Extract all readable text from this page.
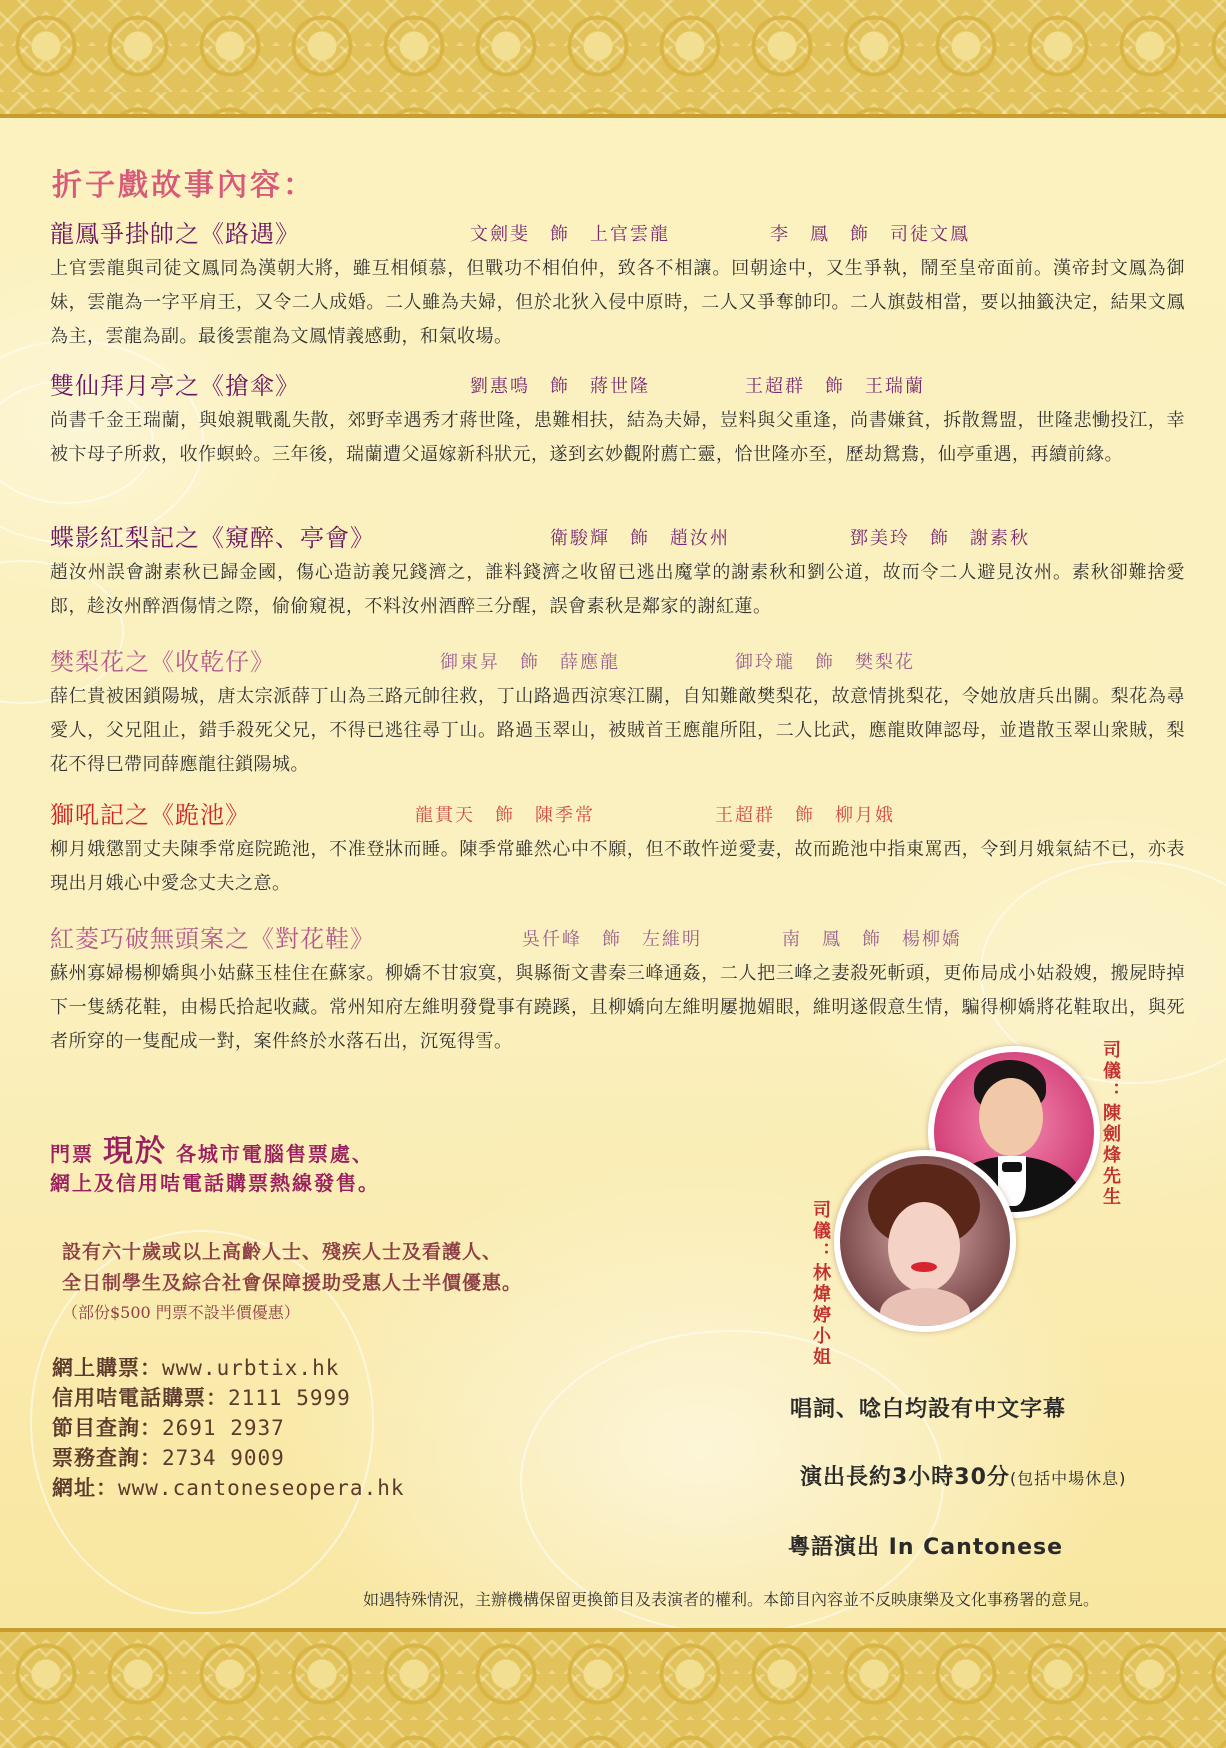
折子戲故事內容：
龍鳳爭掛帥之《路遇》	文劍斐　飾　上官雲龍	李　鳳　飾　司徒文鳳

上官雲龍與司徒文鳳同為漢朝大將，雖互相傾慕，但戰功不相伯仲，致各不相讓。回朝途中，又生爭執，鬧至皇帝面前。漢帝封文鳳為御妹，雲龍為一字平肩王，又令二人成婚。二人雖為夫婦，但於北狄入侵中原時，二人又爭奪帥印。二人旗鼓相當，要以抽籤決定，結果文鳳為主，雲龍為副。最後雲龍為文鳳情義感動，和氣收場。

雙仙拜月亭之《搶傘》	劉惠鳴　飾　蔣世隆	王超群　飾　王瑞蘭

尚書千金王瑞蘭，與娘親戰亂失散，郊野幸遇秀才蔣世隆，患難相扶，結為夫婦，豈料與父重逢，尚書嫌貧，拆散鴛盟，世隆悲慟投江，幸被卞母子所救，收作螟蛉。三年後，瑞蘭遭父逼嫁新科狀元，遂到玄妙觀附薦亡靈，恰世隆亦至，歷劫鴛鴦，仙亭重遇，再續前緣。

蝶影紅梨記之《窺醉、亭會》	衛駿輝　飾　趙汝州	鄧美玲　飾　謝素秋

趙汝州誤會謝素秋已歸金國，傷心造訪義兄錢濟之，誰料錢濟之收留已逃出魔掌的謝素秋和劉公道，故而令二人避見汝州。素秋卻難捨愛郎，趁汝州醉酒傷情之際，偷偷窺視，不料汝州酒醉三分醒，誤會素秋是鄰家的謝紅蓮。

樊梨花之《收乾仔》	御東昇　飾　薛應龍	御玲瓏　飾　樊梨花

薛仁貴被困鎖陽城，唐太宗派薛丁山為三路元帥往救，丁山路過西涼寒江關，自知難敵樊梨花，故意情挑梨花，令她放唐兵出關。梨花為尋愛人，父兄阻止，錯手殺死父兄，不得已逃往尋丁山。路過玉翠山，被賊首王應龍所阻，二人比武，應龍敗陣認母，並遣散玉翠山衆賊，梨花不得巳帶同薛應龍往鎖陽城。

獅吼記之《跪池》	龍貫天　飾　陳季常	王超群　飾　柳月娥

柳月娥懲罰丈夫陳季常庭院跪池，不准登牀而睡。陳季常雖然心中不願，但不敢忤逆愛妻，故而跪池中指東罵西，令到月娥氣結不已，亦表現出月娥心中愛念丈夫之意。

紅菱巧破無頭案之《對花鞋》	吳仟峰　飾　左維明	南　鳳　飾　楊柳嬌

蘇州寡婦楊柳嬌與小姑蘇玉桂住在蘇家。柳嬌不甘寂寞，與縣衙文書秦三峰通姦，二人把三峰之妻殺死斬頭，更佈局成小姑殺嫂，搬屍時掉下一隻綉花鞋，由楊氏拾起收藏。常州知府左維明發覺事有蹺蹊，且柳嬌向左維明屢拋媚眼，維明遂假意生情，騙得柳嬌將花鞋取出，與死者所穿的一隻配成一對，案件終於水落石出，沉冤得雪。

門票 現於 各城市電腦售票處、
網上及信用咭電話購票熱線發售。
設有六十歲或以上高齡人士、殘疾人士及看護人、
全日制學生及綜合社會保障援助受惠人士半價優惠。
（部份$500 門票不設半價優惠）
網上購票：www.urbtix.hk
信用咭電話購票：2111 5999
節目查詢：2691 2937
票務查詢：2734 9009
網址：www.cantoneseopera.hk
司儀：陳劍烽先生
司儀：林煒婷小姐
唱詞、唸白均設有中文字幕
演出長約3小時30分(包括中場休息)
粵語演出 In Cantonese
如遇特殊情況，主辦機構保留更換節目及表演者的權利。本節目內容並不反映康樂及文化事務署的意見。
